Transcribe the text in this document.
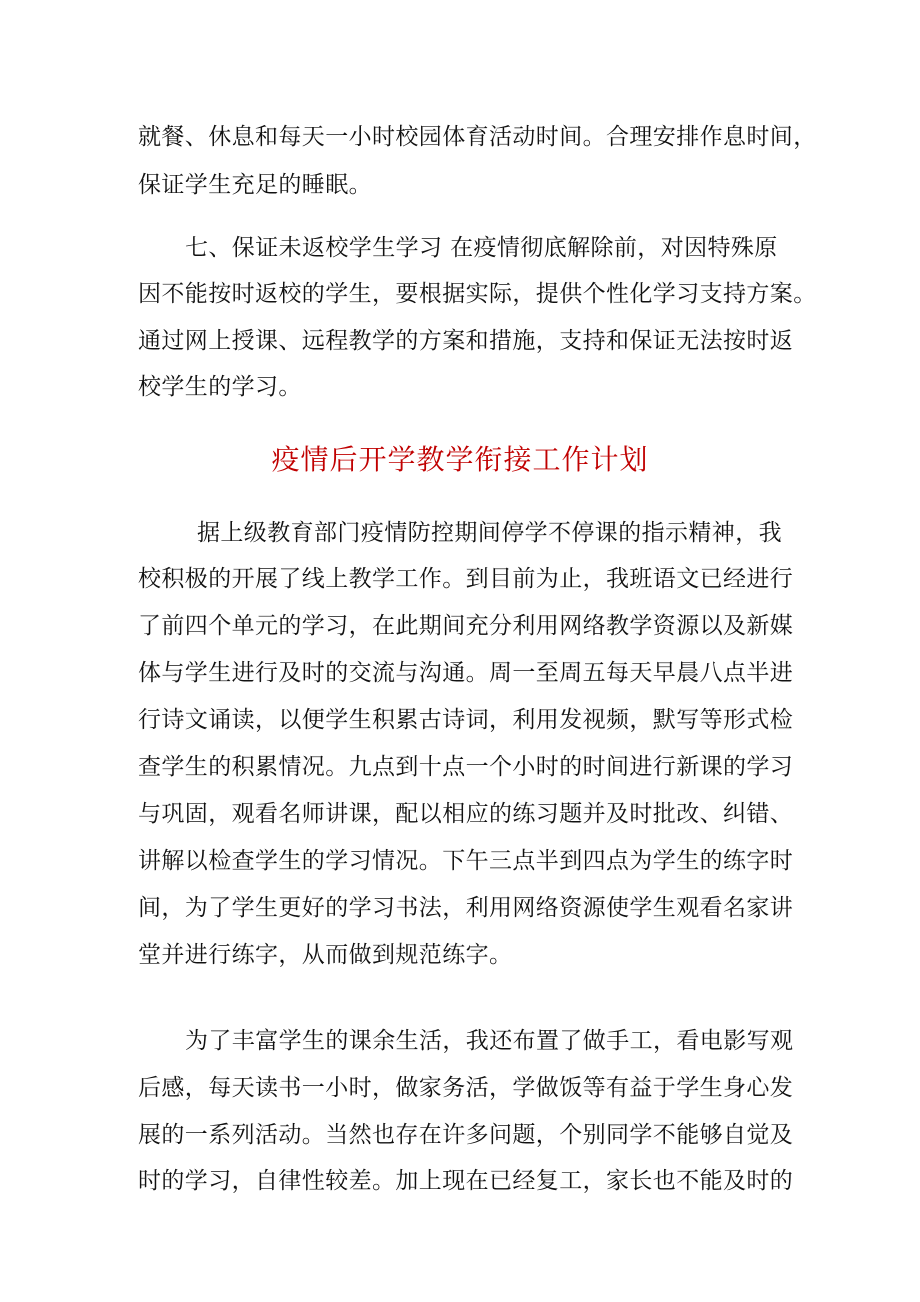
就餐、休息和每天一小时校园体育活动时间。合理安排作息时间，

保证学生充足的睡眠。

七、保证未返校学生学习 在疫情彻底解除前，对因特殊原

因不能按时返校的学生，要根据实际，提供个性化学习支持方案。

通过网上授课、远程教学的方案和措施，支持和保证无法按时返

校学生的学习。

疫情后开学教学衔接工作计划

据上级教育部门疫情防控期间停学不停课的指示精神，我

校积极的开展了线上教学工作。到目前为止，我班语文已经进行

了前四个单元的学习，在此期间充分利用网络教学资源以及新媒

体与学生进行及时的交流与沟通。周一至周五每天早晨八点半进

行诗文诵读，以便学生积累古诗词，利用发视频，默写等形式检

查学生的积累情况。九点到十点一个小时的时间进行新课的学习

与巩固，观看名师讲课，配以相应的练习题并及时批改、纠错、

讲解以检查学生的学习情况。下午三点半到四点为学生的练字时

间，为了学生更好的学习书法，利用网络资源使学生观看名家讲

堂并进行练字，从而做到规范练字。

为了丰富学生的课余生活，我还布置了做手工，看电影写观

后感，每天读书一小时，做家务活，学做饭等有益于学生身心发

展的一系列活动。当然也存在许多问题，个别同学不能够自觉及

时的学习，自律性较差。加上现在已经复工，家长也不能及时的
